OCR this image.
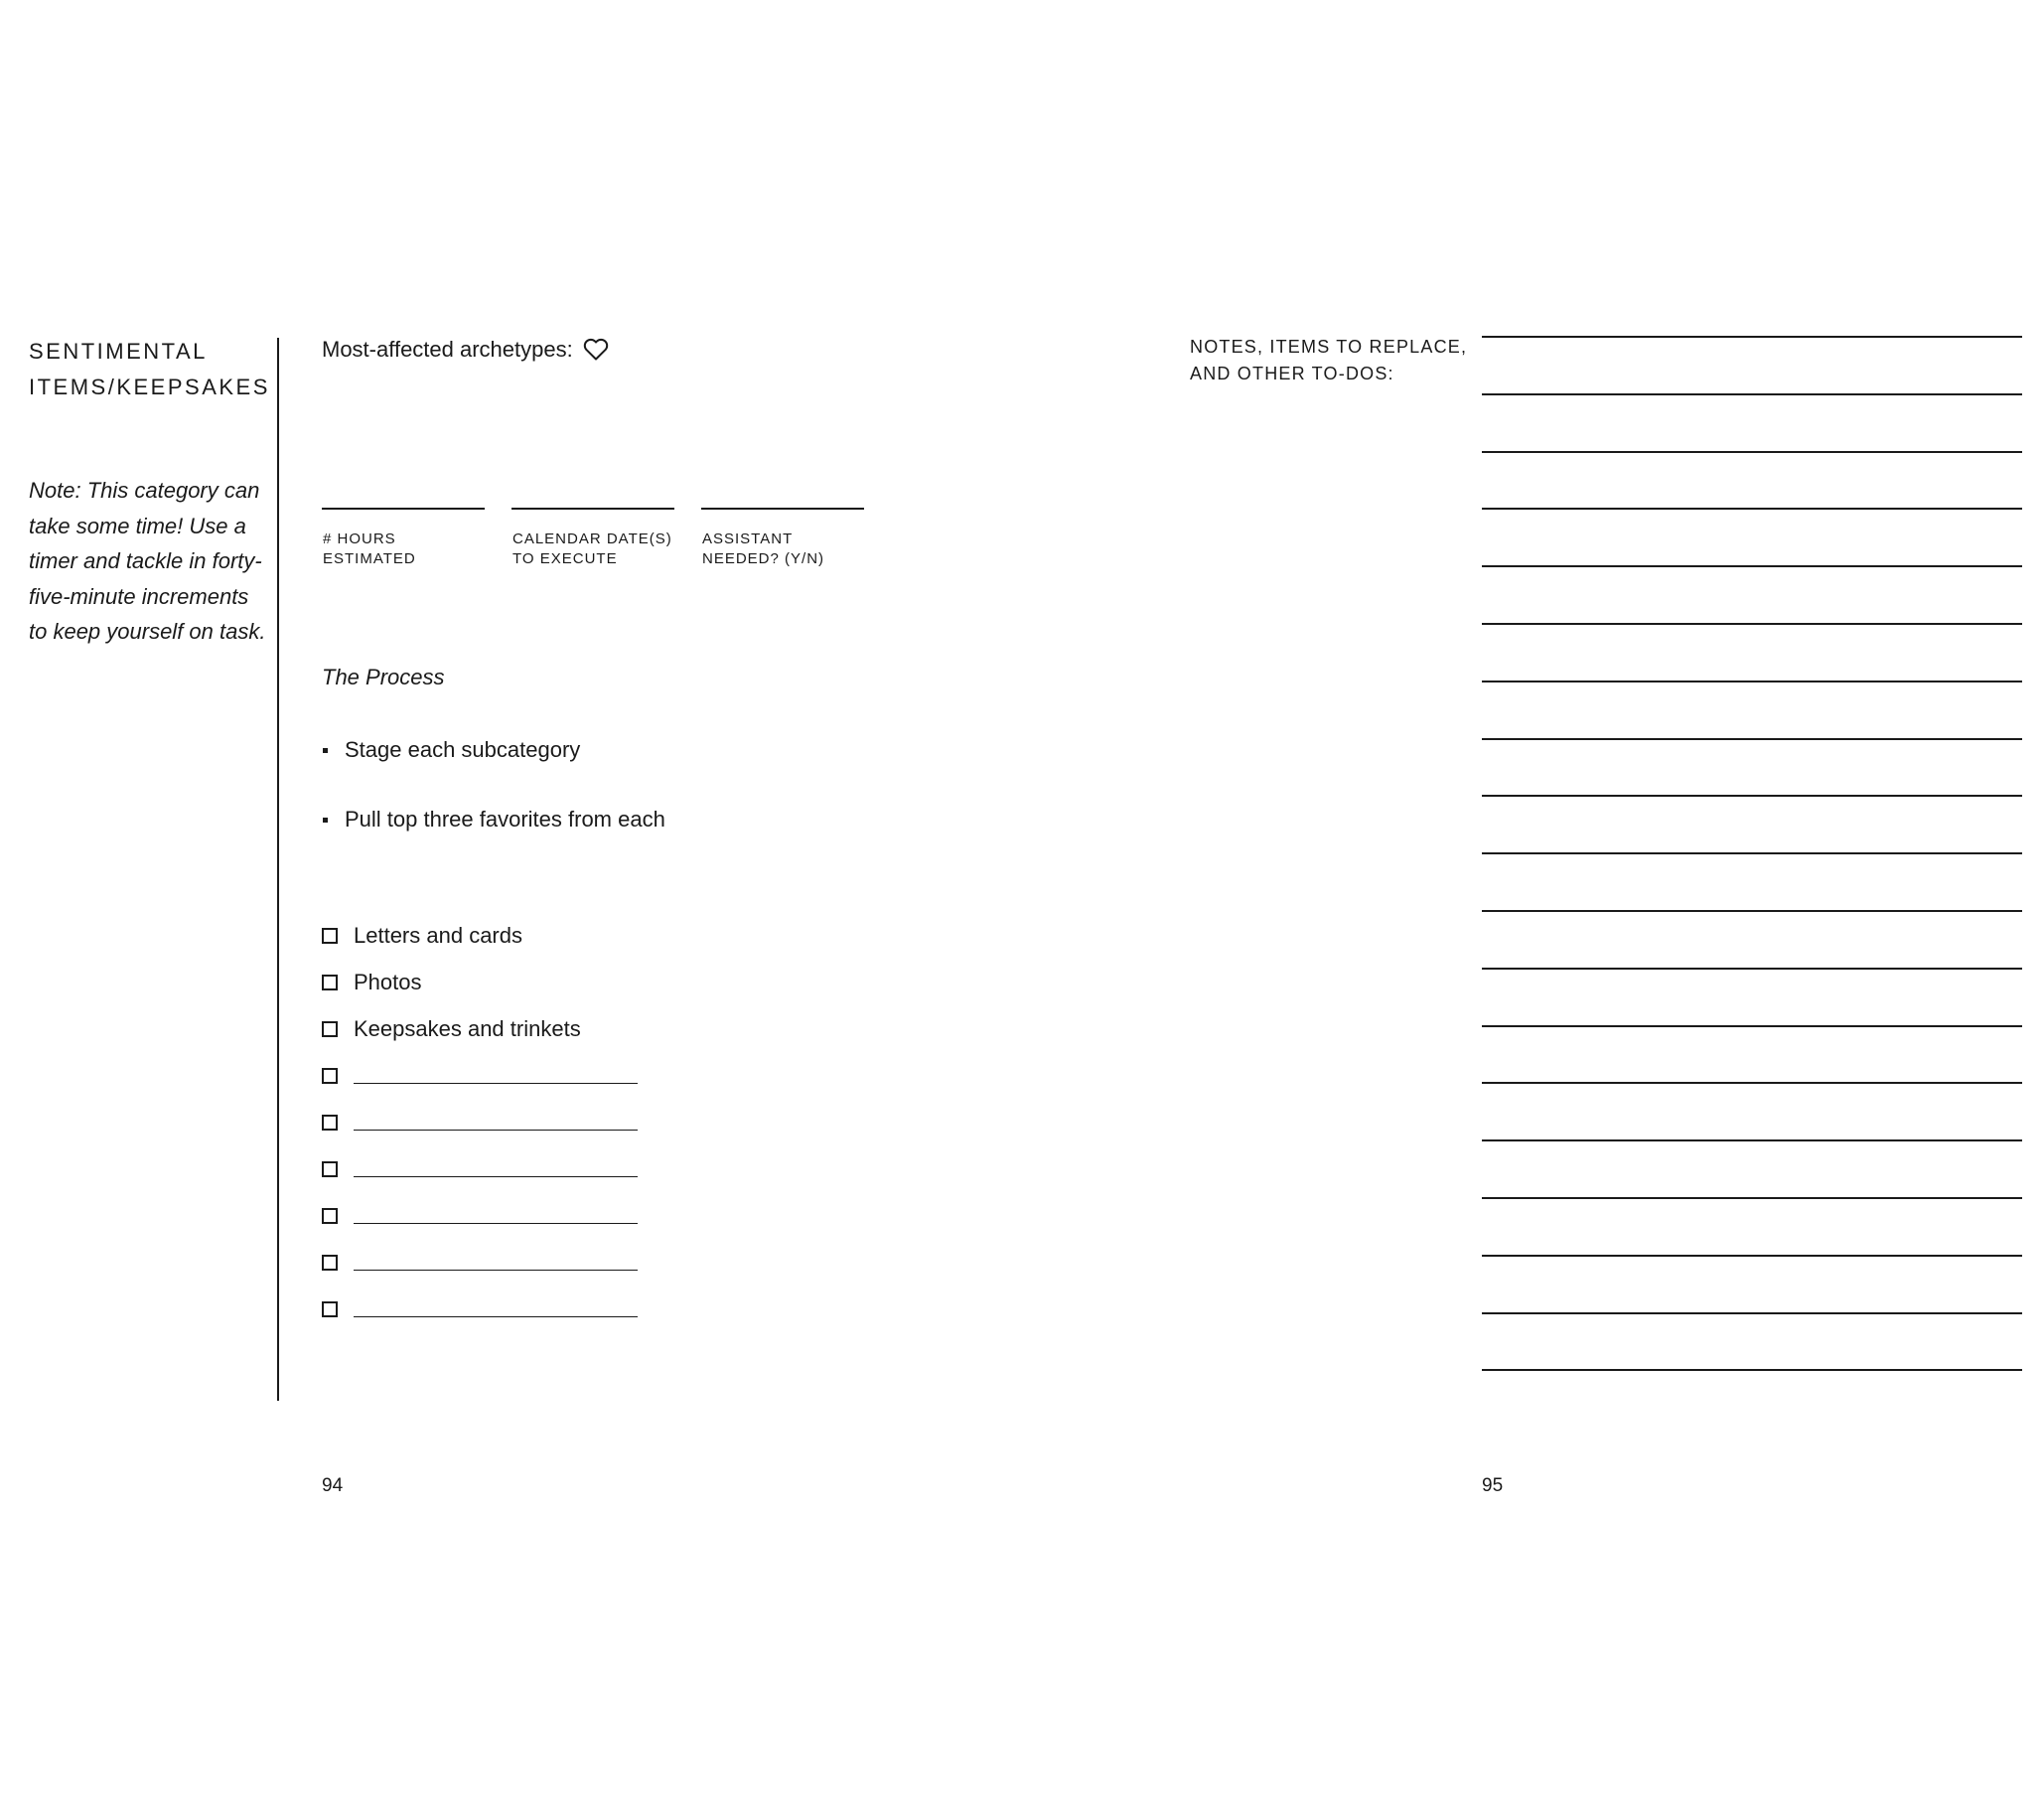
SENTIMENTAL
ITEMS/KEEPSAKES

Note: This category can take some time! Use a timer and tackle in forty-five-minute increments to keep yourself on task.

Most-affected archetypes:

# HOURS
ESTIMATED
CALENDAR DATE(S)
TO EXECUTE
ASSISTANT
NEEDED? (Y/N)
The Process
Stage each subcategory
Pull top three favorites from each
Letters and cards
Photos
Keepsakes and trinkets

94

NOTES, ITEMS TO REPLACE,
AND OTHER TO-DOS:

95
